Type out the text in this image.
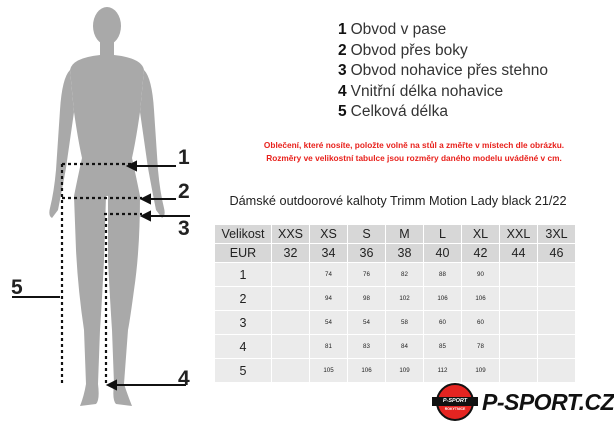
1
2
3
4
5
1 Obvod v pase
2 Obvod přes boky
3 Obvod nohavice přes stehno
4 Vnitřní délka nohavice
5 Celková délka
Oblečení, které nosíte, položte volně na stůl a změřte v místech dle obrázku.
Rozměry ve velikostní tabulce jsou rozměry daného modelu uváděné v cm.
Dámské outdoorové kalhoty Trimm Motion Lady black 21/22
Velikost	XXS	XS	S	M	L	XL	XXL	3XL
EUR	32	34	36	38	40	42	44	46
1		74	76	82	88	90		
2		94	98	102	106	106		
3		54	54	58	60	60		
4		81	83	84	85	78		
5		105	106	109	112	109		
P-SPORT
ROKYTNICE P-SPORT.CZ
